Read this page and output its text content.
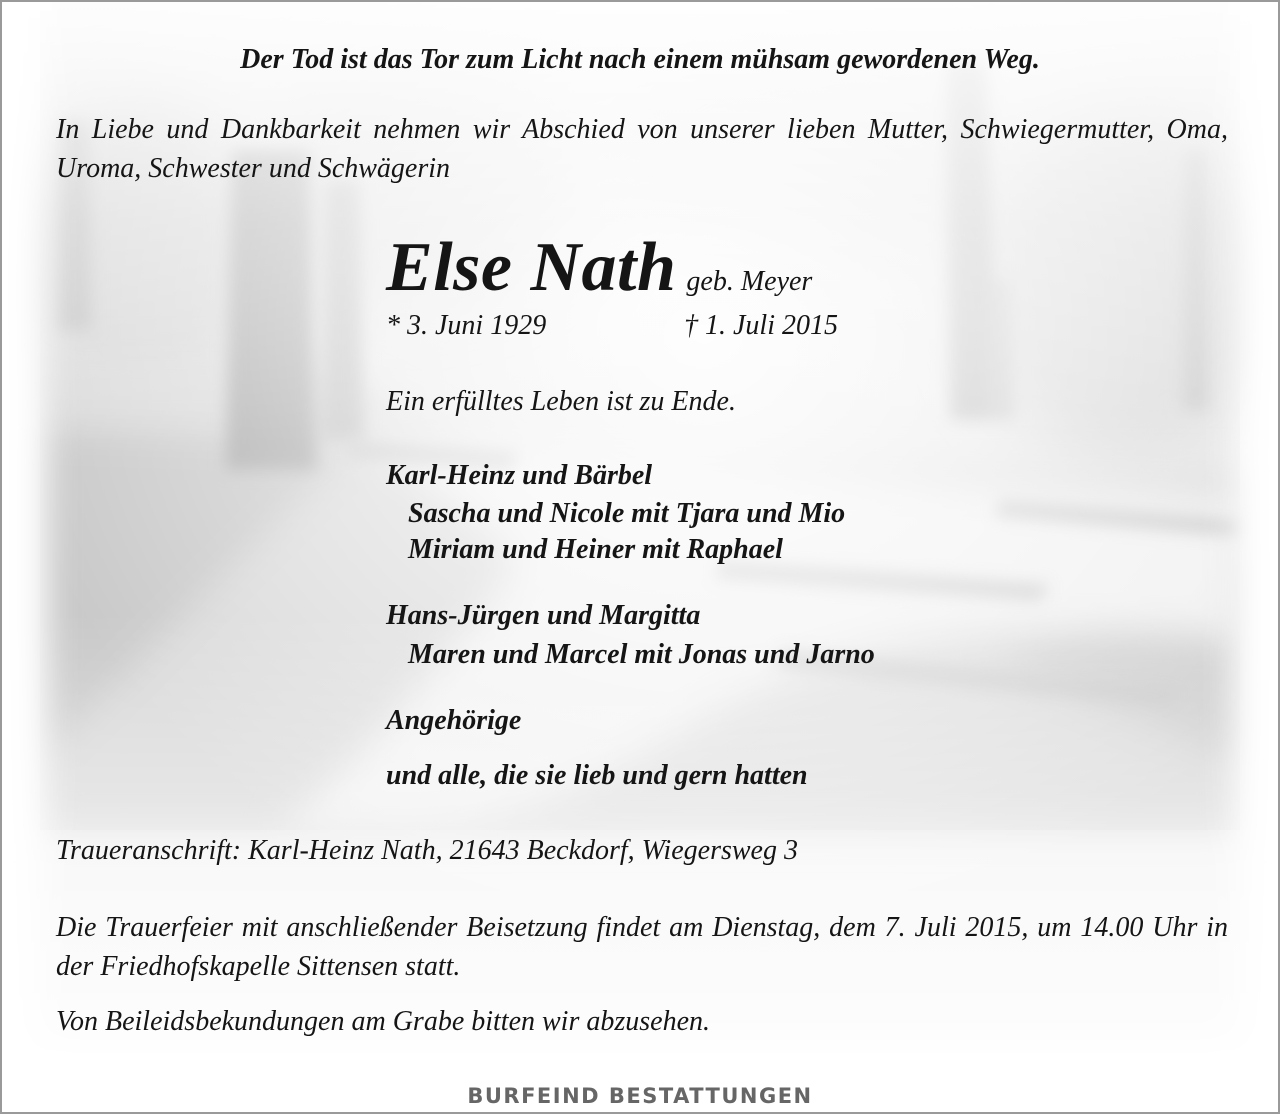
Der Tod ist das Tor zum Licht nach einem mühsam gewordenen Weg.

In Liebe und Dankbarkeit nehmen wir Abschied von unserer lieben Mutter, Schwiegermutter, Oma, Uroma, Schwester und Schwägerin

Else Nath geb. Meyer

* 3. Juni 1929	† 1. Juli 2015

Ein erfülltes Leben ist zu Ende.

Karl-Heinz und Bärbel

Sascha und Nicole mit Tjara und Mio

Miriam und Heiner mit Raphael

Hans-Jürgen und Margitta

Maren und Marcel mit Jonas und Jarno

Angehörige

und alle, die sie lieb und gern hatten

Traueranschrift: Karl-Heinz Nath, 21643 Beckdorf, Wiegersweg 3

Die Trauerfeier mit anschließender Beisetzung findet am Dienstag, dem 7. Juli 2015, um 14.00 Uhr in der Friedhofskapelle Sittensen statt.

Von Beileidsbekundungen am Grabe bitten wir abzusehen.

BURFEIND BESTATTUNGEN
